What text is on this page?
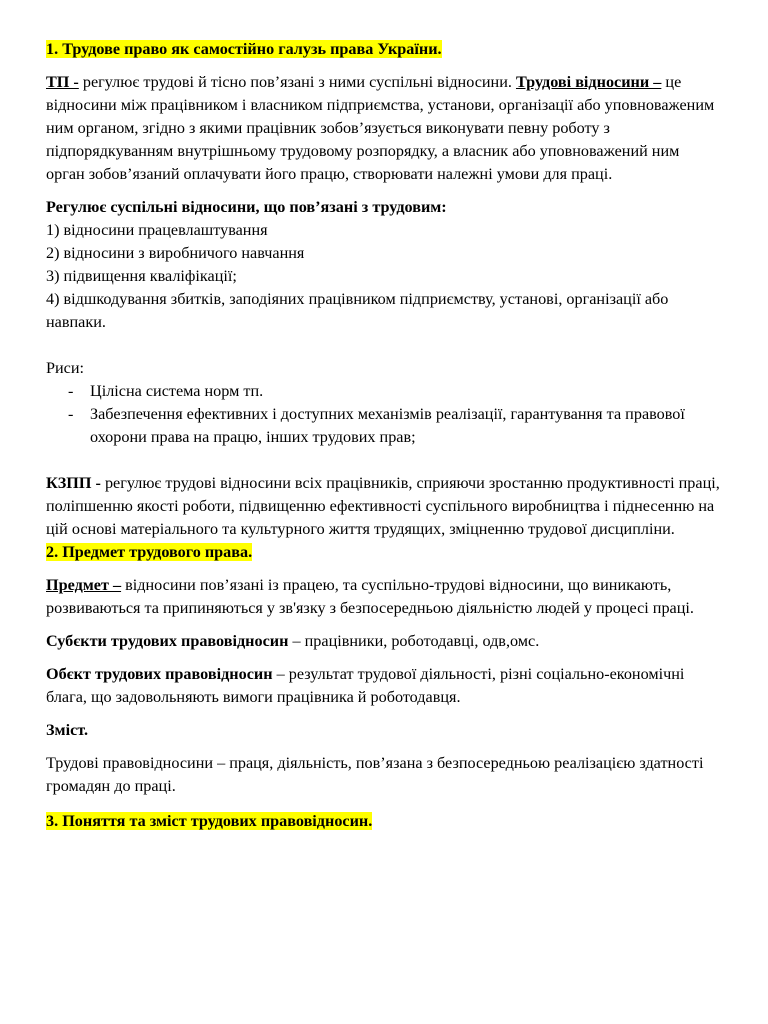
1. Трудове право як самостійно галузь права України.

ТП - регулює трудові й тісно пов’язані з ними суспільні відносини. Трудові відносини – це відносини між працівником і власником підприємства, установи, організації або уповноваженим ним органом, згідно з якими працівник зобов’язується виконувати певну роботу з підпорядкуванням внутрішньому трудовому розпорядку, а власник або уповноважений ним орган зобов’язаний оплачувати його працю, створювати належні умови для праці.

Регулює суспільні відносини, що пов’язані з трудовим:

1) відносини працевлаштування

2) відносини з виробничого навчання

3) підвищення кваліфікації;

4) відшкодування збитків, заподіяних працівником підприємству, установі, організації або навпаки.

Риси:

- Цілісна система норм тп.
- Забезпечення ефективних і доступних механізмів реалізації, гарантування та правової охорони права на працю, інших трудових прав;

КЗПП - регулює трудові відносини всіх працівників, сприяючи зростанню продуктивності праці, поліпшенню якості роботи, підвищенню ефективності суспільного виробництва і піднесенню на цій основі матеріального та культурного життя трудящих, зміцненню трудової дисципліни.

2. Предмет трудового права.

Предмет – відносини пов’язані із працею, та суспільно-трудові відносини, що виникають, розвиваються та припиняються у зв'язку з безпосередньою діяльністю людей у процесі праці.

Субєкти трудових правовідносин – працівники, роботодавці, одв,омс.

Обєкт трудових правовідносин – результат трудової діяльності, різні соціально-економічні блага, що задовольняють вимоги працівника й роботодавця.

Зміст.

Трудові правовідносини – праця, діяльність, пов’язана з безпосередньою реалізацією здатності громадян до праці.

3. Поняття та зміст трудових правовідносин.
